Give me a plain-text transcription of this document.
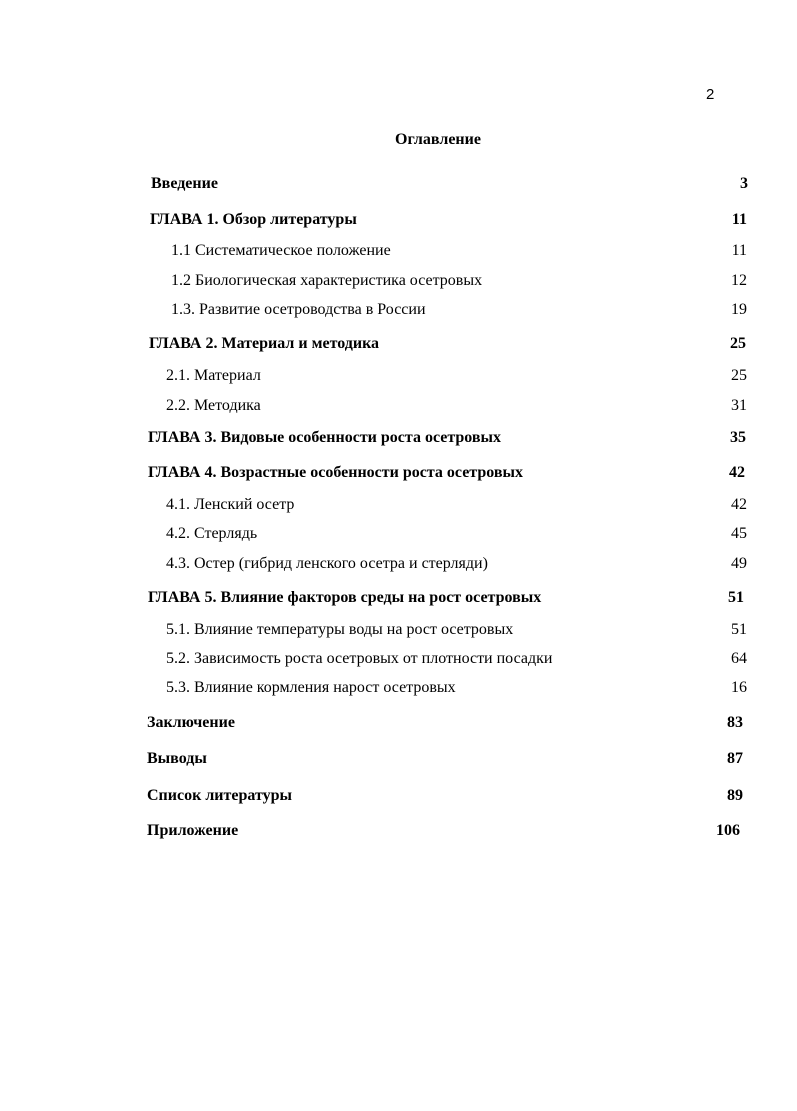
2
Оглавление
Введение	3
ГЛАВА 1. Обзор литературы	11
1.1 Систематическое положение	11
1.2 Биологическая характеристика осетровых	12
1.3. Развитие осетроводства в России	19
ГЛАВА 2. Материал и методика	25
2.1. Материал	25
2.2. Методика	31
ГЛАВА 3. Видовые особенности роста осетровых	35
ГЛАВА 4. Возрастные особенности роста осетровых	42
4.1. Ленский осетр	42
4.2. Стерлядь	45
4.3. Остер (гибрид ленского осетра и стерляди)	49
ГЛАВА 5. Влияние факторов среды на рост осетровых	51
5.1. Влияние температуры воды на рост осетровых	51
5.2. Зависимость роста осетровых от плотности посадки	64
5.3. Влияние кормления нарост осетровых	16
Заключение	83
Выводы	87
Список литературы	89
Приложение	106
